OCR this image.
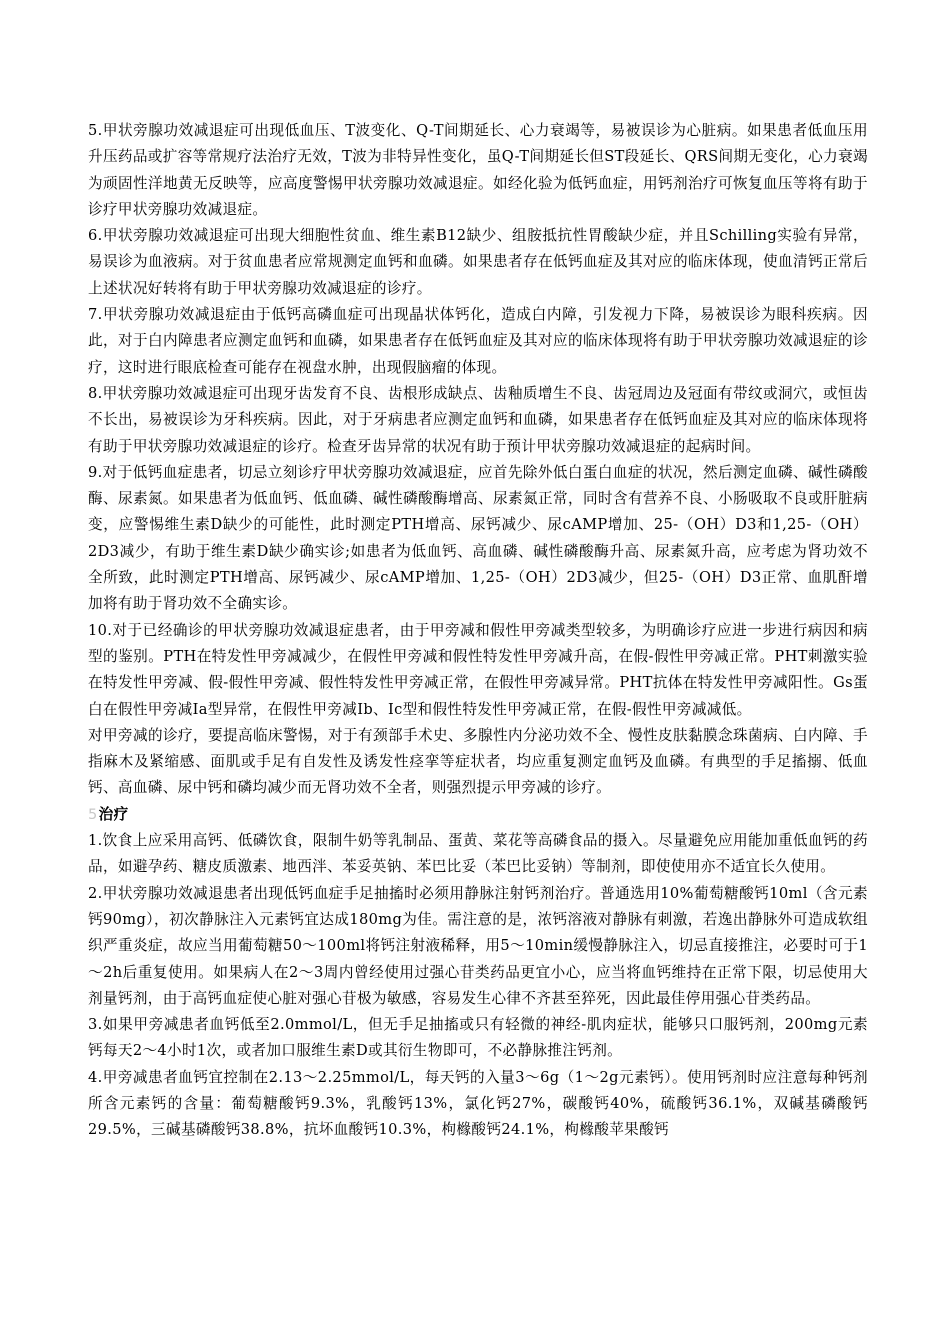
5.甲状旁腺功效减退症可出现低血压、T波变化、Q-T间期延长、心力衰竭等，易被误诊为心脏病。如果患者低血压用升压药品或扩容等常规疗法治疗无效，T波为非特异性变化，虽Q-T间期延长但ST段延长、QRS间期无变化，心力衰竭为顽固性洋地黄无反映等，应高度警惕甲状旁腺功效减退症。如经化验为低钙血症，用钙剂治疗可恢复血压等将有助于诊疗甲状旁腺功效减退症。

6.甲状旁腺功效减退症可出现大细胞性贫血、维生素B12缺少、组胺抵抗性胃酸缺少症，并且Schilling实验有异常，易误诊为血液病。对于贫血患者应常规测定血钙和血磷。如果患者存在低钙血症及其对应的临床体现，使血清钙正常后上述状况好转将有助于甲状旁腺功效减退症的诊疗。

7.甲状旁腺功效减退症由于低钙高磷血症可出现晶状体钙化，造成白内障，引发视力下降，易被误诊为眼科疾病。因此，对于白内障患者应测定血钙和血磷，如果患者存在低钙血症及其对应的临床体现将有助于甲状旁腺功效减退症的诊疗，这时进行眼底检查可能存在视盘水肿，出现假脑瘤的体现。

8.甲状旁腺功效减退症可出现牙齿发育不良、齿根形成缺点、齿釉质增生不良、齿冠周边及冠面有带纹或洞穴，或恒齿不长出，易被误诊为牙科疾病。因此，对于牙病患者应测定血钙和血磷，如果患者存在低钙血症及其对应的临床体现将有助于甲状旁腺功效减退症的诊疗。检查牙齿异常的状况有助于预计甲状旁腺功效减退症的起病时间。

9.对于低钙血症患者，切忌立刻诊疗甲状旁腺功效减退症，应首先除外低白蛋白血症的状况，然后测定血磷、碱性磷酸酶、尿素氮。如果患者为低血钙、低血磷、碱性磷酸酶增高、尿素氮正常，同时含有营养不良、小肠吸取不良或肝脏病变，应警惕维生素D缺少的可能性，此时测定PTH增高、尿钙减少、尿cAMP增加、25-（OH）D3和1,25-（OH）2D3减少，有助于维生素D缺少确实诊;如患者为低血钙、高血磷、碱性磷酸酶升高、尿素氮升高，应考虑为肾功效不全所致，此时测定PTH增高、尿钙减少、尿cAMP增加、1,25-（OH）2D3减少，但25-（OH）D3正常、血肌酐增加将有助于肾功效不全确实诊。

10.对于已经确诊的甲状旁腺功效减退症患者，由于甲旁减和假性甲旁减类型较多，为明确诊疗应进一步进行病因和病型的鉴别。PTH在特发性甲旁减减少，在假性甲旁减和假性特发性甲旁减升高，在假-假性甲旁减正常。PHT刺激实验在特发性甲旁减、假-假性甲旁减、假性特发性甲旁减正常，在假性甲旁减异常。PHT抗体在特发性甲旁减阳性。Gs蛋白在假性甲旁减Ia型异常，在假性甲旁减Ib、Ic型和假性特发性甲旁减正常，在假-假性甲旁减减低。

对甲旁减的诊疗，要提高临床警惕，对于有颈部手术史、多腺性内分泌功效不全、慢性皮肤黏膜念珠菌病、白内障、手指麻木及紧缩感、面肌或手足有自发性及诱发性痉挛等症状者，均应重复测定血钙及血磷。有典型的手足搐搦、低血钙、高血磷、尿中钙和磷均减少而无肾功效不全者，则强烈提示甲旁减的诊疗。

5治疗

1.饮食上应采用高钙、低磷饮食，限制牛奶等乳制品、蛋黄、菜花等高磷食品的摄入。尽量避免应用能加重低血钙的药品，如避孕药、糖皮质激素、地西泮、苯妥英钠、苯巴比妥（苯巴比妥钠）等制剂，即使使用亦不适宜长久使用。

2.甲状旁腺功效减退患者出现低钙血症手足抽搐时必须用静脉注射钙剂治疗。普通选用10%葡萄糖酸钙10ml（含元素钙90mg），初次静脉注入元素钙宜达成180mg为佳。需注意的是，浓钙溶液对静脉有刺激，若逸出静脉外可造成软组织严重炎症，故应当用葡萄糖50～100ml将钙注射液稀释，用5～10min缓慢静脉注入，切忌直接推注，必要时可于1～2h后重复使用。如果病人在2～3周内曾经使用过强心苷类药品更宜小心，应当将血钙维持在正常下限，切忌使用大剂量钙剂，由于高钙血症使心脏对强心苷极为敏感，容易发生心律不齐甚至猝死，因此最佳停用强心苷类药品。

3.如果甲旁减患者血钙低至2.0mmol/L，但无手足抽搐或只有轻微的神经-肌肉症状，能够只口服钙剂，200mg元素钙每天2～4小时1次，或者加口服维生素D或其衍生物即可，不必静脉推注钙剂。

4.甲旁减患者血钙宜控制在2.13～2.25mmol/L，每天钙的入量3～6g（1～2g元素钙）。使用钙剂时应注意每种钙剂所含元素钙的含量：葡萄糖酸钙9.3%，乳酸钙13%，氯化钙27%，碳酸钙40%，硫酸钙36.1%，双碱基磷酸钙29.5%，三碱基磷酸钙38.8%，抗坏血酸钙10.3%，枸橼酸钙24.1%，枸橼酸苹果酸钙
